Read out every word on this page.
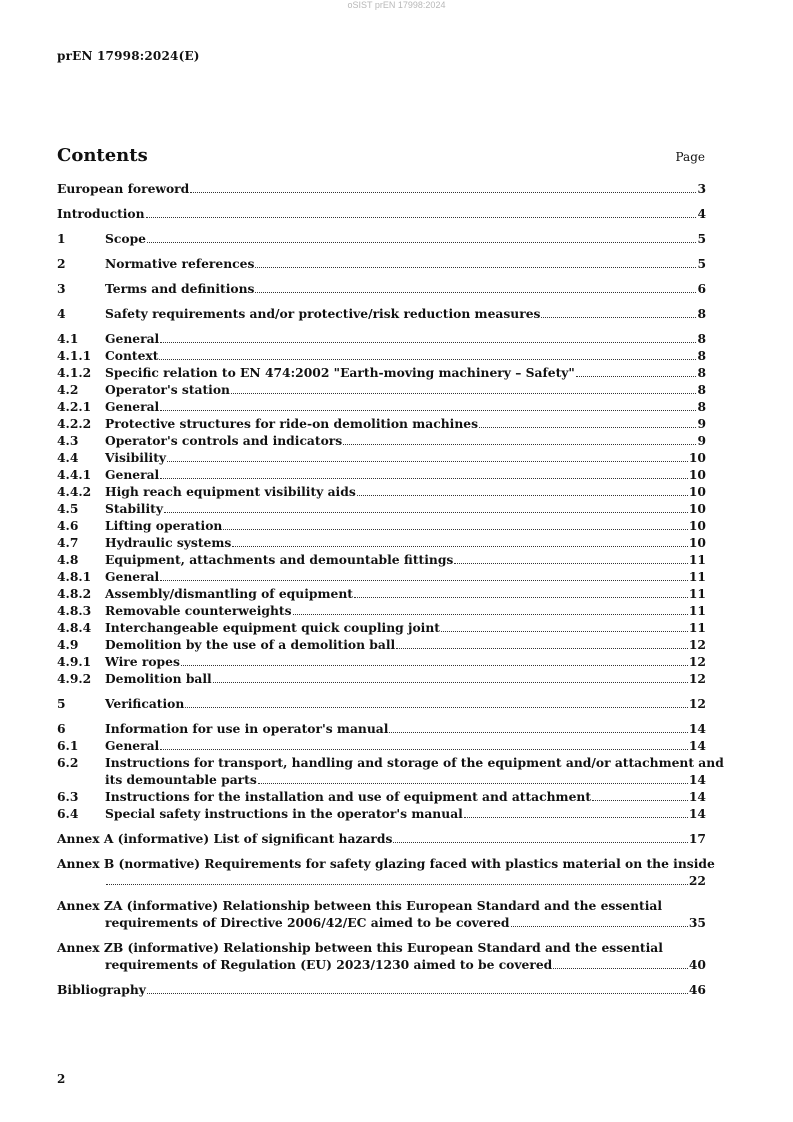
oSIST prEN 17998:2024
prEN 17998:2024(E)
Contents	Page
European foreword	3
Introduction	4
1	Scope	5
2	Normative references	5
3	Terms and definitions	6
4	Safety requirements and/or protective/risk reduction measures	8
4.1	General	8
4.1.1	Context	8
4.1.2	Specific relation to EN 474:2002 "Earth-moving machinery – Safety"	8
4.2	Operator's station	8
4.2.1	General	8
4.2.2	Protective structures for ride-on demolition machines	9
4.3	Operator's controls and indicators	9
4.4	Visibility	10
4.4.1	General	10
4.4.2	High reach equipment visibility aids	10
4.5	Stability	10
4.6	Lifting operation	10
4.7	Hydraulic systems	10
4.8	Equipment, attachments and demountable fittings	11
4.8.1	General	11
4.8.2	Assembly/dismantling of equipment	11
4.8.3	Removable counterweights	11
4.8.4	Interchangeable equipment quick coupling joint	11
4.9	Demolition by the use of a demolition ball	12
4.9.1	Wire ropes	12
4.9.2	Demolition ball	12
5	Verification	12
6	Information for use in operator's manual	14
6.1	General	14
6.2	Instructions for transport, handling and storage of the equipment and/or attachment and
its demountable parts	14
6.3	Instructions for the installation and use of equipment and attachment	14
6.4	Special safety instructions in the operator's manual	14
Annex A (informative) List of significant hazards	17
Annex B (normative) Requirements for safety glazing faced with plastics material on the inside
22
Annex ZA (informative) Relationship between this European Standard and the essential
requirements of Directive 2006/42/EC aimed to be covered	35
Annex ZB (informative) Relationship between this European Standard and the essential
requirements of Regulation (EU) 2023/1230 aimed to be covered	40
Bibliography	46
2
